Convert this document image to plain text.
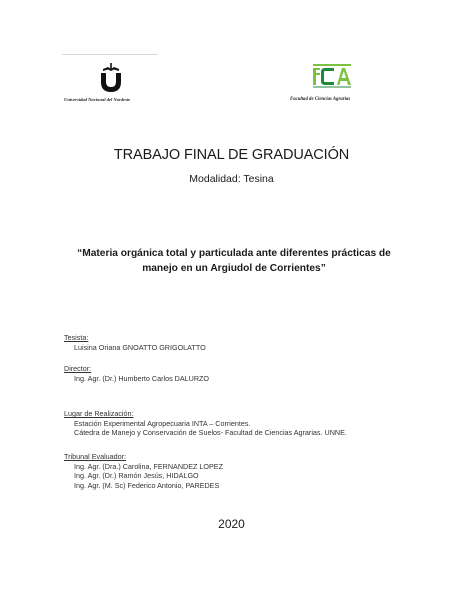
Universidad Nacional del Nordeste	Facultad de Ciencias Agrarias
TRABAJO FINAL DE GRADUACIÓN
Modalidad: Tesina
“Materia orgánica total y particulada ante diferentes prácticas de
manejo en un Argiudol de Corrientes”
Tesista:
Luisina Oriana GNOATTO GRIGOLATTO
Director:
Ing. Agr. (Dr.) Humberto Carlos DALURZO
Lugar de Realización:
Estación Experimental Agropecuaria INTA – Corrientes.
Cátedra de Manejo y Conservación de Suelos- Facultad de Ciencias Agrarias. UNNE.
Tribunal Evaluador:
Ing. Agr. (Dra.) Carolina, FERNANDEZ LOPEZ
Ing. Agr. (Dr.) Ramón Jesús, HIDALGO
Ing. Agr. (M. Sc) Federico Antonio, PAREDES
2020
